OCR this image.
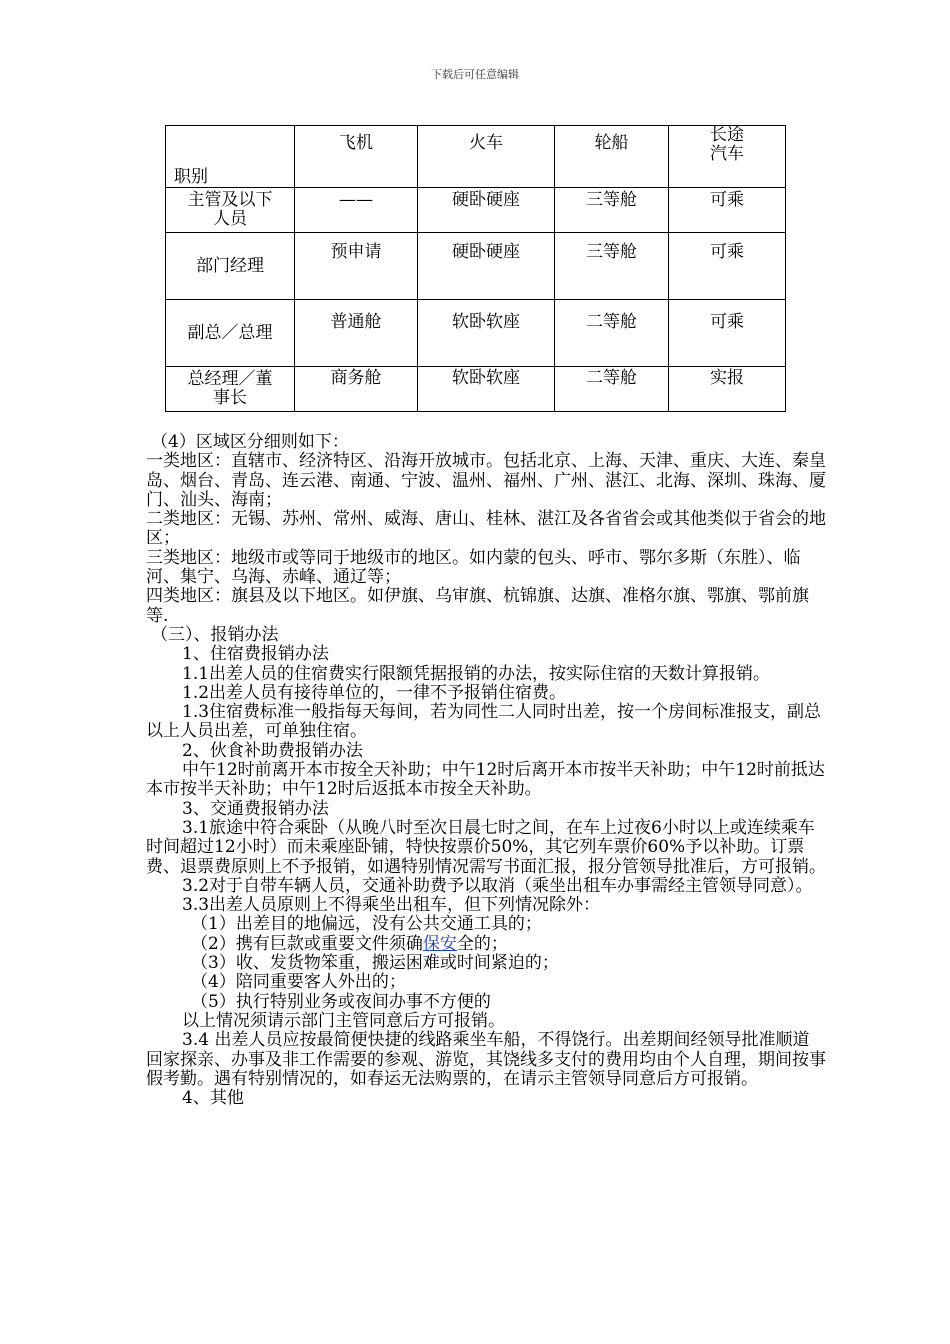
下载后可任意编辑
职别	飞机	火车	轮船	长途
汽车
主管及以下人员	——	硬卧硬座	三等舱	可乘
部门经理	预申请	硬卧硬座	三等舱	可乘
副总／总理	普通舱	软卧软座	二等舱	可乘
总经理／董事长	商务舱	软卧软座	二等舱	实报

（4）区域区分细则如下：

一类地区：直辖市、经济特区、沿海开放城市。包括北京、上海、天津、重庆、大连、秦皇岛、烟台、青岛、连云港、南通、宁波、温州、福州、广州、湛江、北海、深圳、珠海、厦门、汕头、海南；

二类地区：无锡、苏州、常州、威海、唐山、桂林、湛江及各省省会或其他类似于省会的地区；

三类地区：地级市或等同于地级市的地区。如内蒙的包头、呼市、鄂尔多斯（东胜）、临河、集宁、乌海、赤峰、通辽等；

四类地区：旗县及以下地区。如伊旗、乌审旗、杭锦旗、达旗、准格尔旗、鄂旗、鄂前旗等.

（三）、报销办法

1、住宿费报销办法

1.1出差人员的住宿费实行限额凭据报销的办法，按实际住宿的天数计算报销。

1.2出差人员有接待单位的，一律不予报销住宿费。

1.3住宿费标准一般指每天每间，若为同性二人同时出差，按一个房间标准报支，副总以上人员出差，可单独住宿。

2、伙食补助费报销办法

中午12时前离开本市按全天补助；中午12时后离开本市按半天补助；中午12时前抵达本市按半天补助；中午12时后返抵本市按全天补助。

3、交通费报销办法

3.1旅途中符合乘卧（从晚八时至次日晨七时之间，在车上过夜6小时以上或连续乘车时间超过12小时）而未乘座卧铺，特快按票价50%，其它列车票价60%予以补助。订票费、退票费原则上不予报销，如遇特别情况需写书面汇报，报分管领导批准后，方可报销。

3.2对于自带车辆人员，交通补助费予以取消（乘坐出租车办事需经主管领导同意）。

3.3出差人员原则上不得乘坐出租车，但下列情况除外：

（1）出差目的地偏远，没有公共交通工具的；

（2）携有巨款或重要文件须确保安全的；

（3）收、发货物笨重，搬运困难或时间紧迫的；

（4）陪同重要客人外出的；

（5）执行特别业务或夜间办事不方便的

以上情况须请示部门主管同意后方可报销。

3.4 出差人员应按最简便快捷的线路乘坐车船，不得饶行。出差期间经领导批准顺道回家探亲、办事及非工作需要的参观、游览，其饶线多支付的费用均由个人自理，期间按事假考勤。遇有特别情况的，如春运无法购票的，在请示主管领导同意后方可报销。

4、其他
